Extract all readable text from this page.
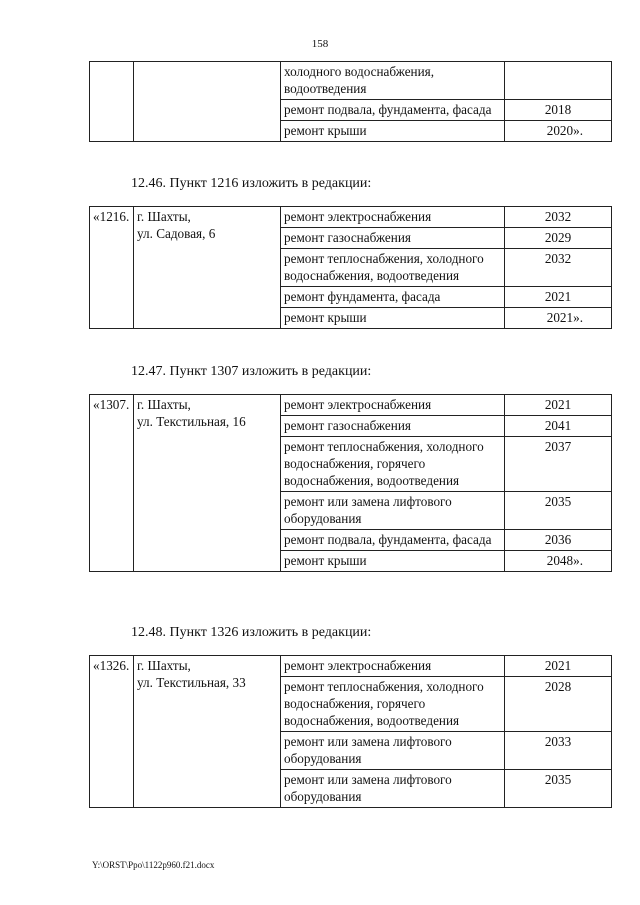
158
		холодного водоснабжения, водоотведения	
		ремонт подвала, фундамента, фасада	2018
		ремонт крыши	2020».
12.46. Пункт 1216 изложить в редакции:
«1216.	г. Шахты,
ул. Садовая, 6	ремонт электроснабжения	2032
		ремонт газоснабжения	2029
		ремонт теплоснабжения, холодного водоснабжения, водоотведения	2032
		ремонт фундамента, фасада	2021
		ремонт крыши	2021».
12.47. Пункт 1307 изложить в редакции:
«1307.	г. Шахты,
ул. Текстильная, 16	ремонт электроснабжения	2021
		ремонт газоснабжения	2041
		ремонт теплоснабжения, холодного водоснабжения, горячего водоснабжения, водоотведения	2037
		ремонт или замена лифтового оборудования	2035
		ремонт подвала, фундамента, фасада	2036
		ремонт крыши	2048».
12.48. Пункт 1326 изложить в редакции:
«1326.	г. Шахты,
ул. Текстильная, 33	ремонт электроснабжения	2021
		ремонт теплоснабжения, холодного водоснабжения, горячего водоснабжения, водоотведения	2028
		ремонт или замена лифтового оборудования	2033
		ремонт или замена лифтового оборудования	2035
Y:\ORST\Ppo\1122p960.f21.docx
